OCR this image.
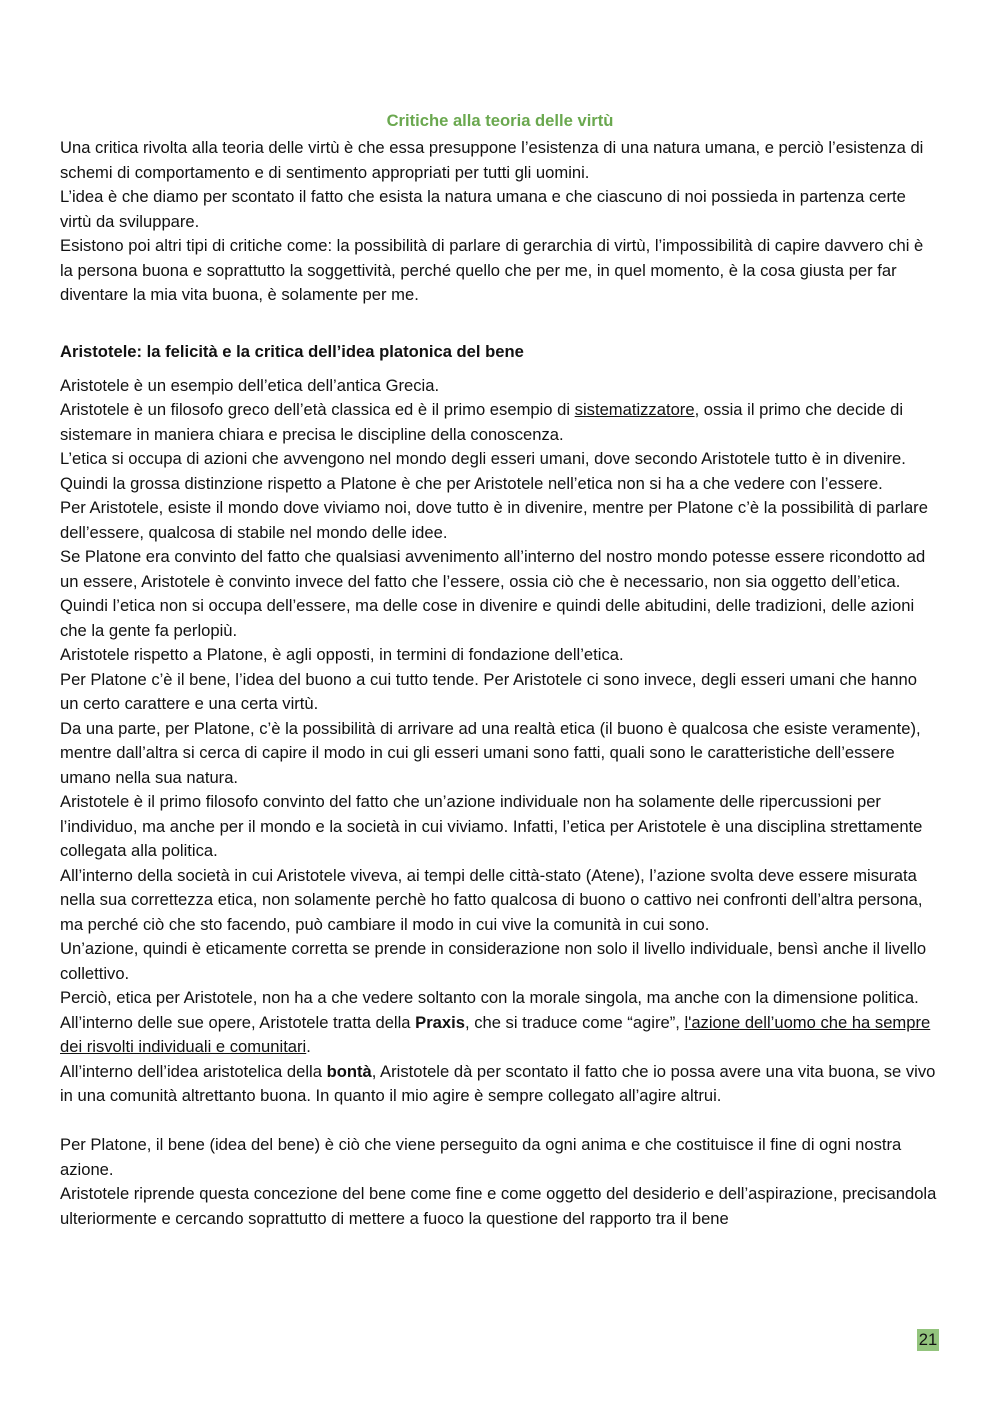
Critiche alla teoria delle virtù

Una critica rivolta alla teoria delle virtù è che essa presuppone l’esistenza di una natura umana, e perciò l’esistenza di schemi di comportamento e di sentimento appropriati per tutti gli uomini.

L’idea è che diamo per scontato il fatto che esista la natura umana e che ciascuno di noi possieda in partenza certe virtù da sviluppare.

Esistono poi altri tipi di critiche come: la possibilità di parlare di gerarchia di virtù, l’impossibilità di capire davvero chi è la persona buona e soprattutto la soggettività, perché quello che per me, in quel momento, è la cosa giusta per far diventare la mia vita buona, è solamente per me.

Aristotele: la felicità e la critica dell’idea platonica del bene

Aristotele è un esempio dell’etica dell’antica Grecia.

Aristotele è un filosofo greco dell’età classica ed è il primo esempio di sistematizzatore, ossia il primo che decide di sistemare in maniera chiara e precisa le discipline della conoscenza.

L’etica si occupa di azioni che avvengono nel mondo degli esseri umani, dove secondo Aristotele tutto è in divenire. Quindi la grossa distinzione rispetto a Platone è che per Aristotele nell’etica non si ha a che vedere con l’essere.

Per Aristotele, esiste il mondo dove viviamo noi, dove tutto è in divenire, mentre per Platone c’è la possibilità di parlare dell’essere, qualcosa di stabile nel mondo delle idee.

Se Platone era convinto del fatto che qualsiasi avvenimento all’interno del nostro mondo potesse essere ricondotto ad un essere, Aristotele è convinto invece del fatto che l’essere, ossia ciò che è necessario, non sia oggetto dell’etica. Quindi l’etica non si occupa dell’essere, ma delle cose in divenire e quindi delle abitudini, delle tradizioni, delle azioni che la gente fa perlopiù.

Aristotele rispetto a Platone, è agli opposti, in termini di fondazione dell’etica.

Per Platone c’è il bene, l’idea del buono a cui tutto tende. Per Aristotele ci sono invece, degli esseri umani che hanno un certo carattere e una certa virtù.

Da una parte, per Platone, c’è la possibilità di arrivare ad una realtà etica (il buono è qualcosa che esiste veramente), mentre dall’altra si cerca di capire il modo in cui gli esseri umani sono fatti, quali sono le caratteristiche dell’essere umano nella sua natura.

Aristotele è il primo filosofo convinto del fatto che un’azione individuale non ha solamente delle ripercussioni per l’individuo, ma anche per il mondo e la società in cui viviamo. Infatti, l’etica per Aristotele è una disciplina strettamente collegata alla politica.

All’interno della società in cui Aristotele viveva, ai tempi delle città-stato (Atene), l’azione svolta deve essere misurata nella sua correttezza etica, non solamente perchè ho fatto qualcosa di buono o cattivo nei confronti dell’altra persona, ma perché ciò che sto facendo, può cambiare il modo in cui vive la comunità in cui sono.

Un’azione, quindi è eticamente corretta se prende in considerazione non solo il livello individuale, bensì anche il livello collettivo.

Perciò, etica per Aristotele, non ha a che vedere soltanto con la morale singola, ma anche con la dimensione politica.

All’interno delle sue opere, Aristotele tratta della Praxis, che si traduce come “agire”, l'azione dell’uomo che ha sempre dei risvolti individuali e comunitari.

All’interno dell’idea aristotelica della bontà, Aristotele dà per scontato il fatto che io possa avere una vita buona, se vivo in una comunità altrettanto buona. In quanto il mio agire è sempre collegato all’agire altrui.

Per Platone, il bene (idea del bene) è ciò che viene perseguito da ogni anima e che costituisce il fine di ogni nostra azione.

Aristotele riprende questa concezione del bene come fine e come oggetto del desiderio e dell’aspirazione, precisandola ulteriormente e cercando soprattutto di mettere a fuoco la questione del rapporto tra il bene

21
